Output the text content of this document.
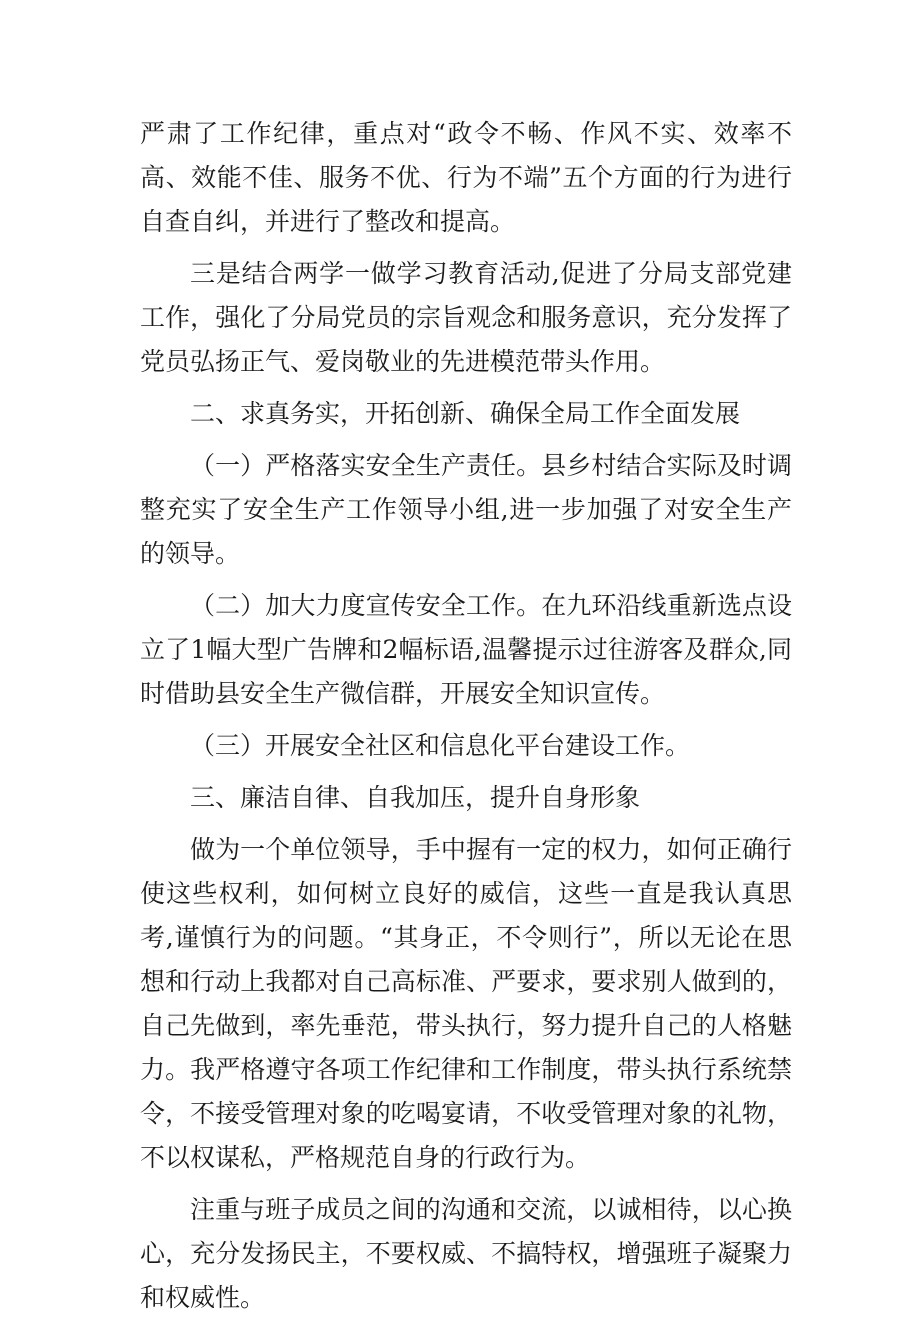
严肃了工作纪律，重点对“政令不畅、作风不实、效率不高、效能不佳、服务不优、行为不端”五个方面的行为进行自查自纠，并进行了整改和提高。

三是结合两学一做学习教育活动,促进了分局支部党建工作，强化了分局党员的宗旨观念和服务意识，充分发挥了党员弘扬正气、爱岗敬业的先进模范带头作用。

二、求真务实，开拓创新、确保全局工作全面发展

（一）严格落实安全生产责任。县乡村结合实际及时调整充实了安全生产工作领导小组,进一步加强了对安全生产的领导。

（二）加大力度宣传安全工作。在九环沿线重新选点设立了1幅大型广告牌和2幅标语,温馨提示过往游客及群众,同时借助县安全生产微信群，开展安全知识宣传。

（三）开展安全社区和信息化平台建设工作。

三、廉洁自律、自我加压，提升自身形象

做为一个单位领导，手中握有一定的权力，如何正确行使这些权利，如何树立良好的威信，这些一直是我认真思考,谨慎行为的问题。“其身正，不令则行”，所以无论在思想和行动上我都对自己高标准、严要求，要求别人做到的，自己先做到，率先垂范，带头执行，努力提升自己的人格魅力。我严格遵守各项工作纪律和工作制度，带头执行系统禁令，不接受管理对象的吃喝宴请，不收受管理对象的礼物，不以权谋私，严格规范自身的行政行为。

注重与班子成员之间的沟通和交流，以诚相待，以心换心，充分发扬民主，不要权威、不搞特权，增强班子凝聚力和权威性。
